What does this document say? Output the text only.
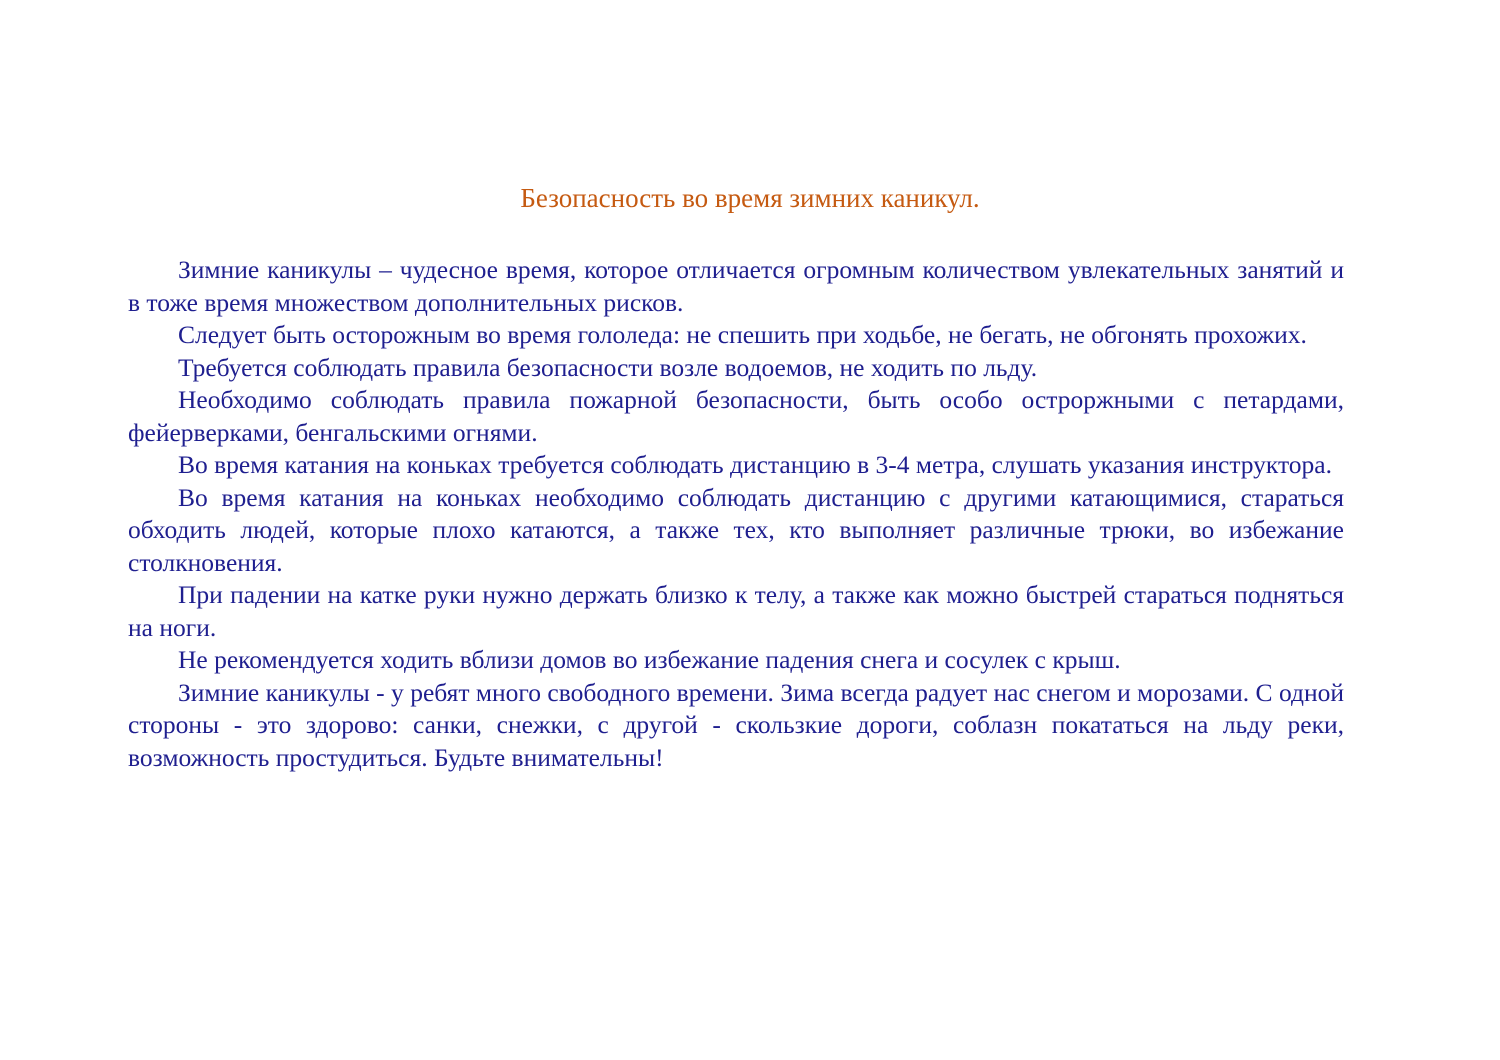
Безопасность во время зимних каникул.

Зимние каникулы – чудесное время, которое отличается огромным количеством увлекательных занятий и в тоже время множеством дополнительных рисков.

Следует быть осторожным во время гололеда: не спешить при ходьбе, не бегать, не обгонять прохожих.

Требуется соблюдать правила безопасности возле водоемов, не ходить по льду.

Необходимо соблюдать правила пожарной безопасности, быть особо остроржными с петардами, фейерверками, бенгальскими огнями.

Во время катания на коньках требуется соблюдать дистанцию в 3-4 метра, слушать указания инструктора.

Во время катания на коньках необходимо соблюдать дистанцию с другими катающимися, стараться обходить людей, которые плохо катаются, а также тех, кто выполняет различные трюки, во избежание столкновения.

При падении на катке руки нужно держать близко к телу, а также как можно быстрей стараться подняться на ноги.

Не рекомендуется ходить вблизи домов во избежание падения снега и сосулек с крыш.

Зимние каникулы - у ребят много свободного времени. Зима всегда радует нас снегом и морозами. С одной стороны - это здорово: санки, снежки, с другой - скользкие дороги, соблазн покататься на льду реки, возможность простудиться. Будьте внимательны!
